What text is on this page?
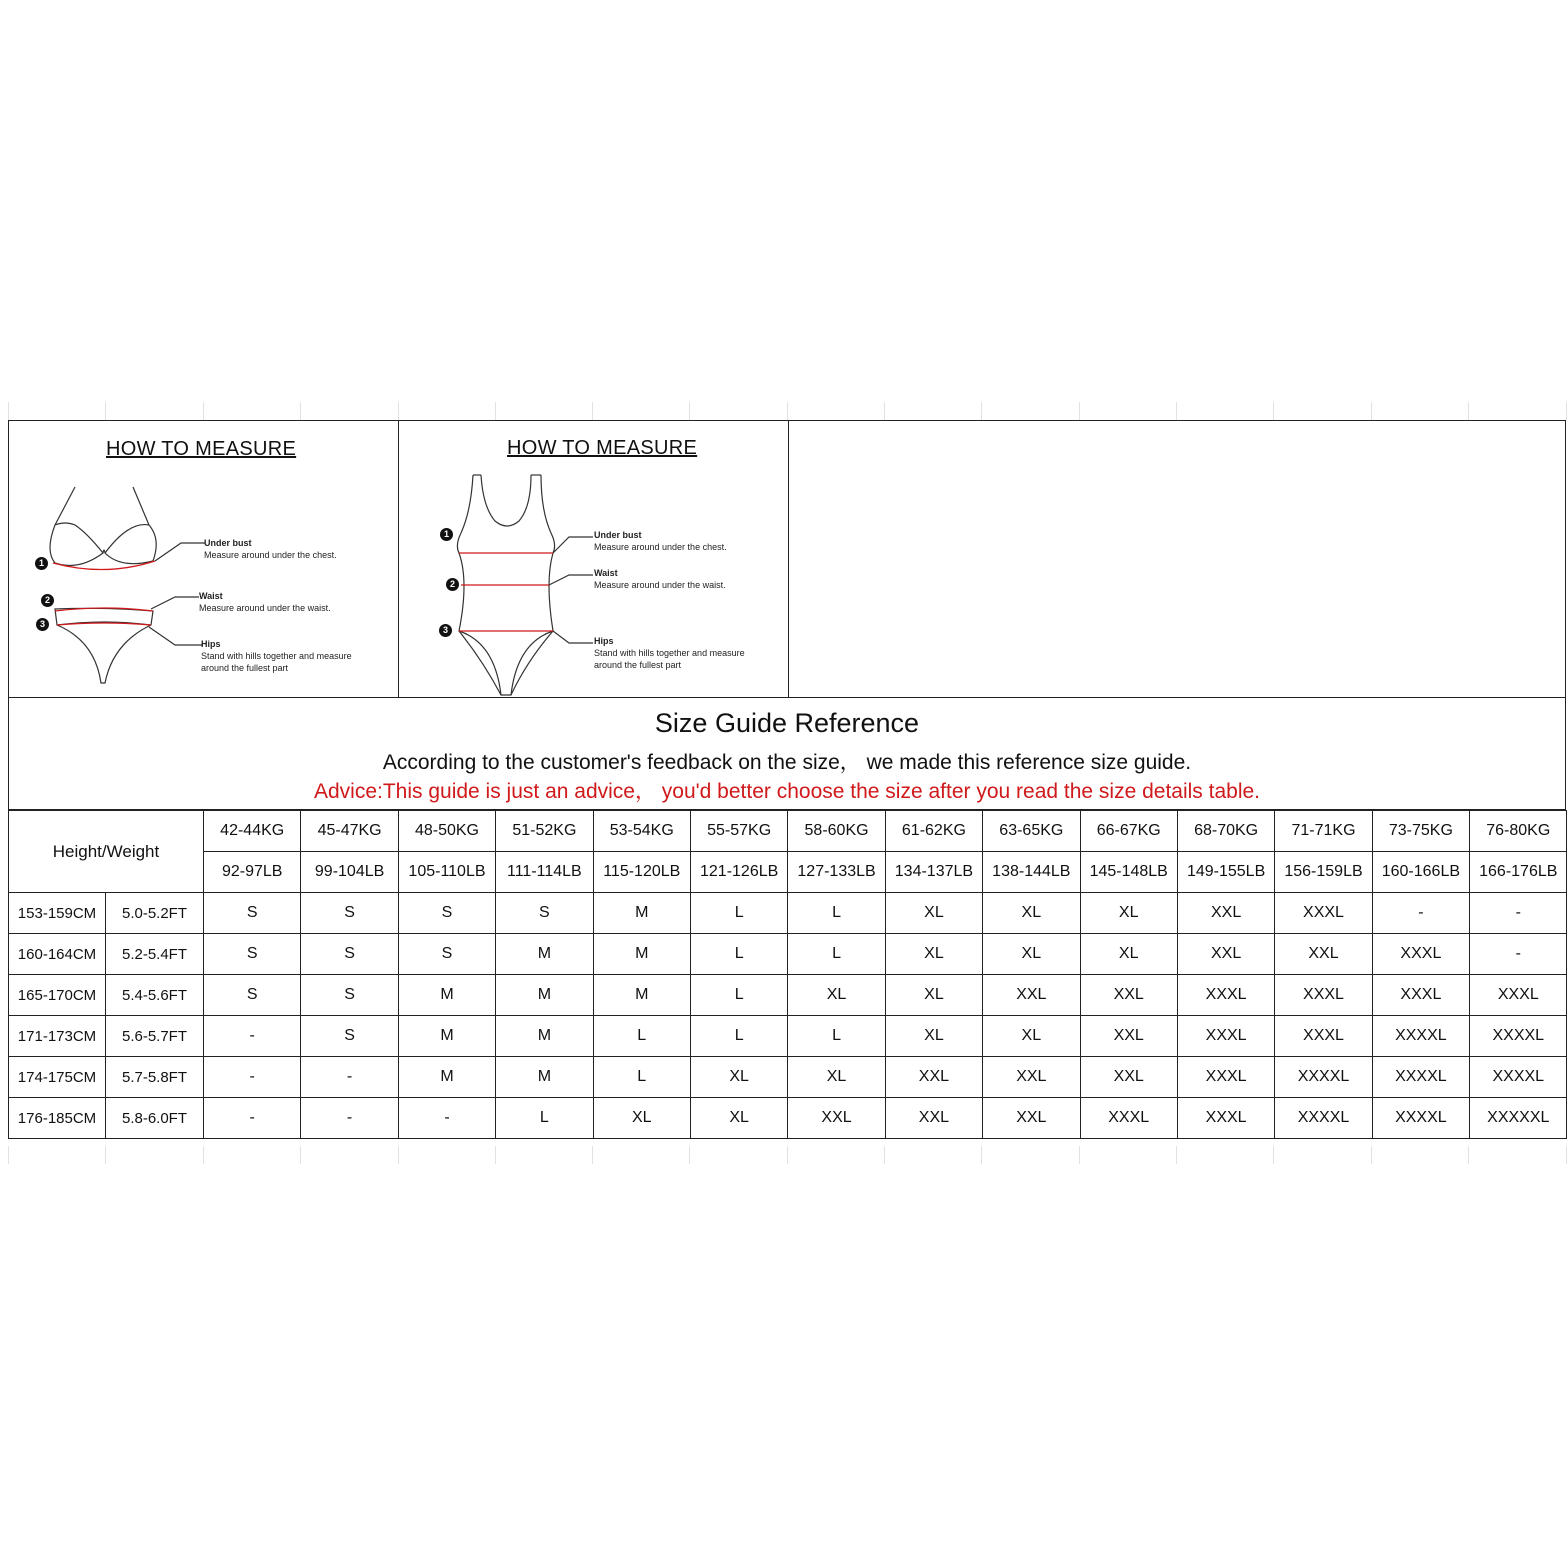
HOW TO MEASURE
1
2
3
Under bust
Measure around under the chest.
Waist
Measure around under the waist.
Hips
Stand with hills together and measure
around the fullest part
HOW TO MEASURE
1
2
3
Under bust
Measure around under the chest.
Waist
Measure around under the waist.
Hips
Stand with hills together and measure
around the fullest part
Size Guide Reference
According to the customer's feedback on the size， we made this reference size guide.
Advice:This guide is just an advice， you'd better choose the size after you read the size details table.
Height/Weight		42-44KG	45-47KG	48-50KG	51-52KG	53-54KG	55-57KG	58-60KG	61-62KG	63-65KG	66-67KG	68-70KG	71-71KG	73-75KG	76-80KG
		92-97LB	99-104LB	105-110LB	111-114LB	115-120LB	121-126LB	127-133LB	134-137LB	138-144LB	145-148LB	149-155LB	156-159LB	160-166LB	166-176LB
153-159CM	5.0-5.2FT	S	S	S	S	M	L	L	XL	XL	XL	XXL	XXXL	-	-
160-164CM	5.2-5.4FT	S	S	S	M	M	L	L	XL	XL	XL	XXL	XXL	XXXL	-
165-170CM	5.4-5.6FT	S	S	M	M	M	L	XL	XL	XXL	XXL	XXXL	XXXL	XXXL	XXXL
171-173CM	5.6-5.7FT	-	S	M	M	L	L	L	XL	XL	XXL	XXXL	XXXL	XXXXL	XXXXL
174-175CM	5.7-5.8FT	-	-	M	M	L	XL	XL	XXL	XXL	XXL	XXXL	XXXXL	XXXXL	XXXXL
176-185CM	5.8-6.0FT	-	-	-	L	XL	XL	XXL	XXL	XXL	XXXL	XXXL	XXXXL	XXXXL	XXXXXL
